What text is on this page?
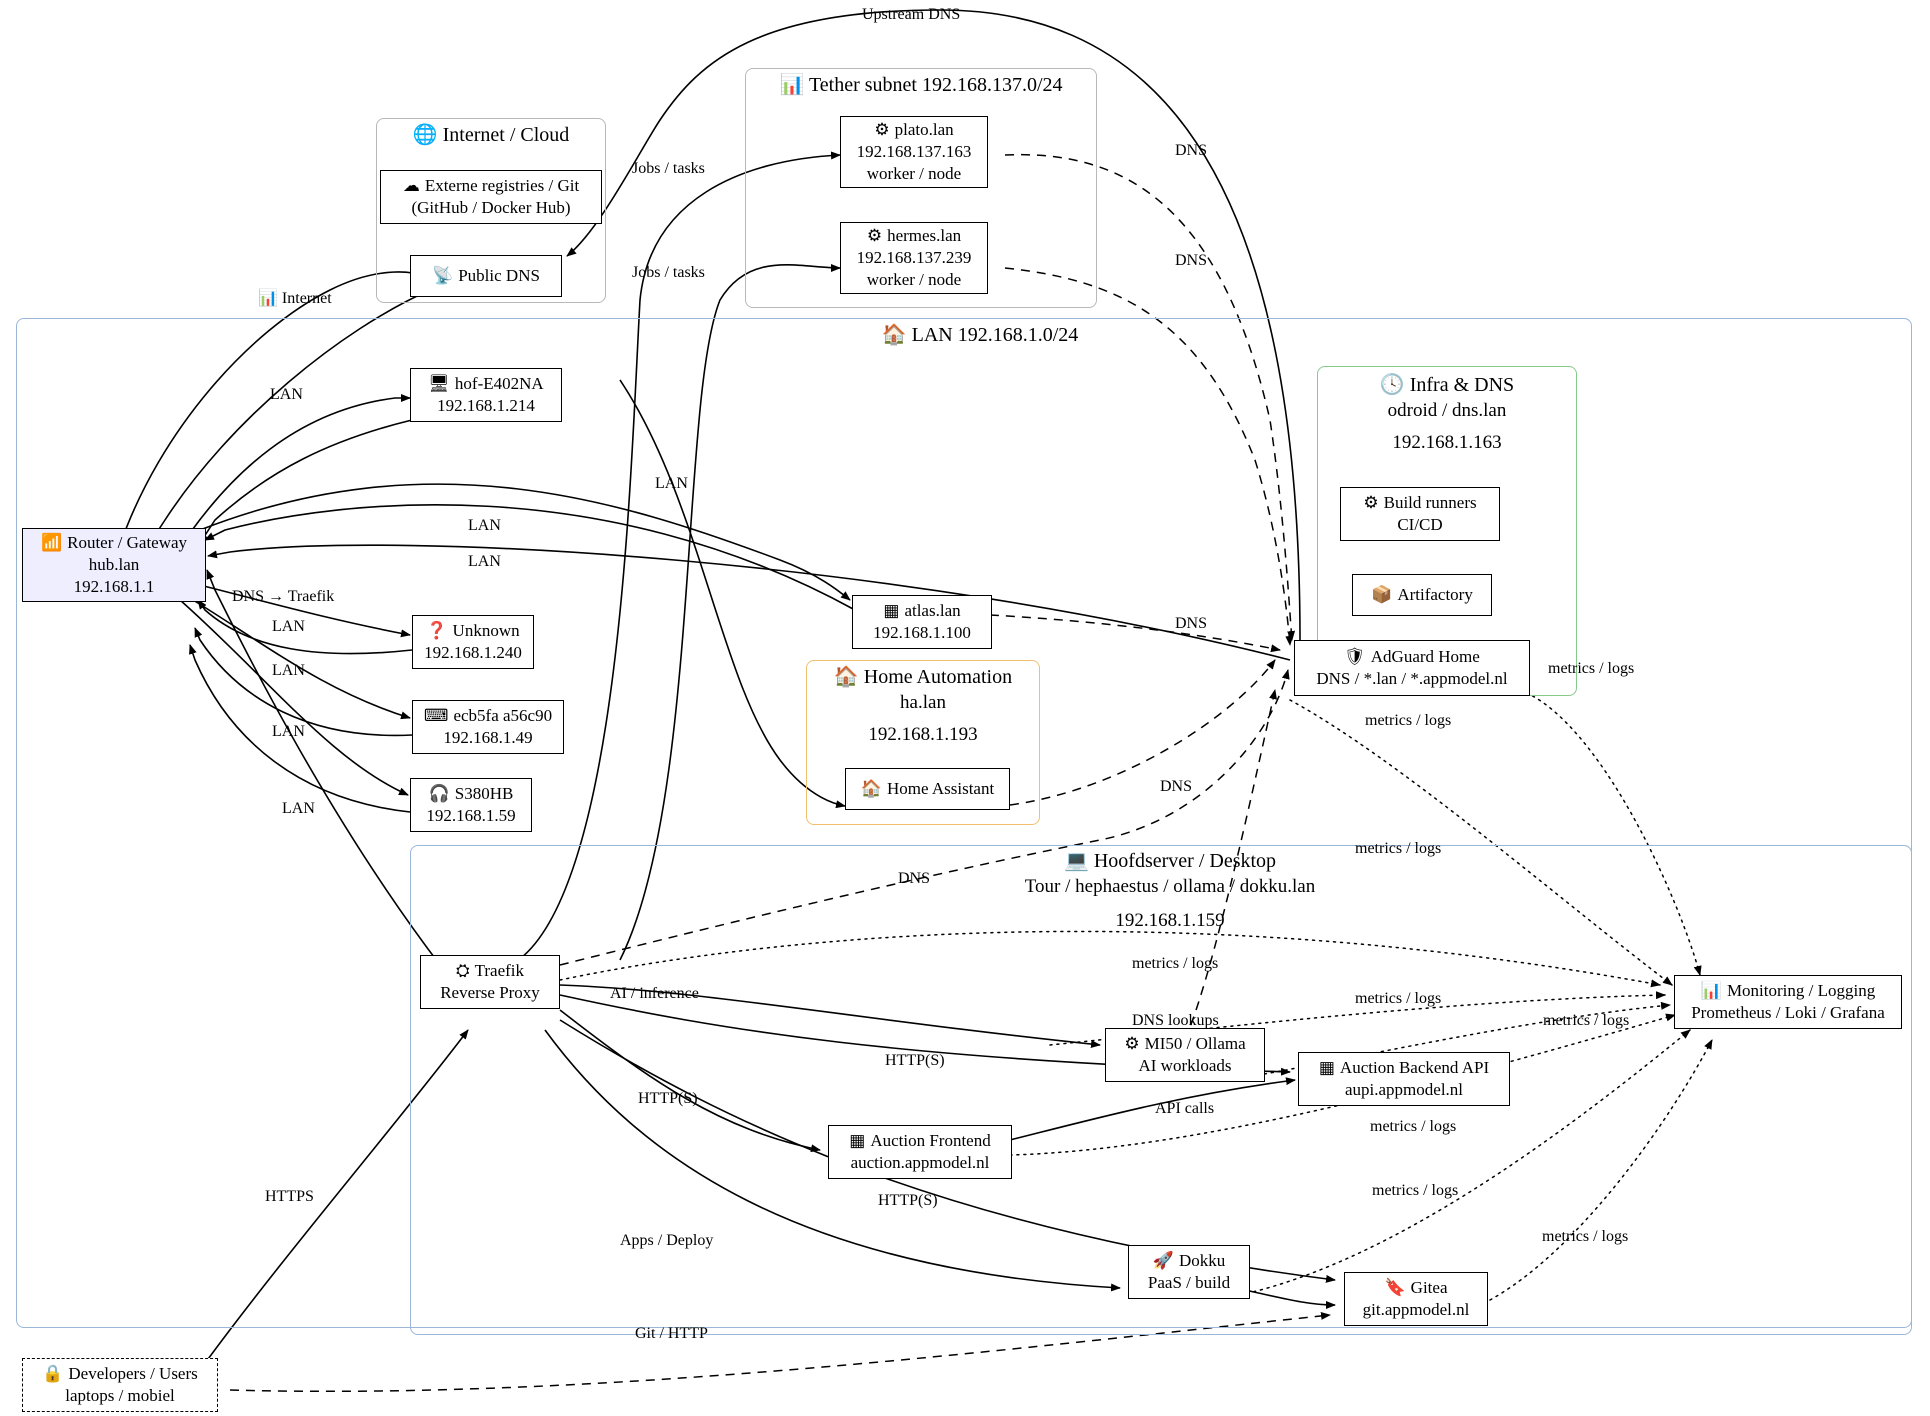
🌐 Internet / Cloud
📊 Tether subnet 192.168.137.0/24
🏠 LAN 192.168.1.0/24
🕓 Infra & DNS
odroid / dns.lan
192.168.1.163
🏠 Home Automation
ha.lan
192.168.1.193
💻 Hoofdserver / Desktop
Tour / hephaestus / ollama / dokku.lan
192.168.1.159
☁ Externe registries / Git
(GitHub / Docker Hub)
📡 Public DNS
⚙ plato.lan
192.168.137.163
worker / node
⚙ hermes.lan
192.168.137.239
worker / node
📶 Router / Gateway
hub.lan
192.168.1.1
🖥 hof-E402NA
192.168.1.214
❓ Unknown
192.168.1.240
⌨ ecb5fa a56c90
192.168.1.49
🎧 S380HB
192.168.1.59
▦ atlas.lan
192.168.1.100
⚙ Build runners
CI/CD
📦 Artifactory
🛡 AdGuard Home
DNS / *.lan / *.appmodel.nl
🏠 Home Assistant
⛭ Traefik
Reverse Proxy
⚙ MI50 / Ollama
AI workloads	▦ Auction Backend API
aupi.appmodel.nl
▦ Auction Frontend
auction.appmodel.nl
🚀 Dokku
PaaS / build	🔖 Gitea
git.appmodel.nl
📊 Monitoring / Logging
Prometheus / Loki / Grafana
🔒 Developers / Users
laptops / mobiel
Upstream DNS
Jobs / tasks
Jobs / tasks
DNS
DNS
📊 Internet
LAN
LAN
LAN
LAN
DNS → Traefik
LAN
LAN
LAN
LAN
DNS
DNS
DNS
DNS lookups
AI / inference
HTTP(S)
HTTP(S)
API calls
HTTP(S)
Apps / Deploy
HTTPS
Git / HTTP
metrics / logs
metrics / logs
metrics / logs
metrics / logs
metrics / logs
metrics / logs
metrics / logs
metrics / logs
metrics / logs
